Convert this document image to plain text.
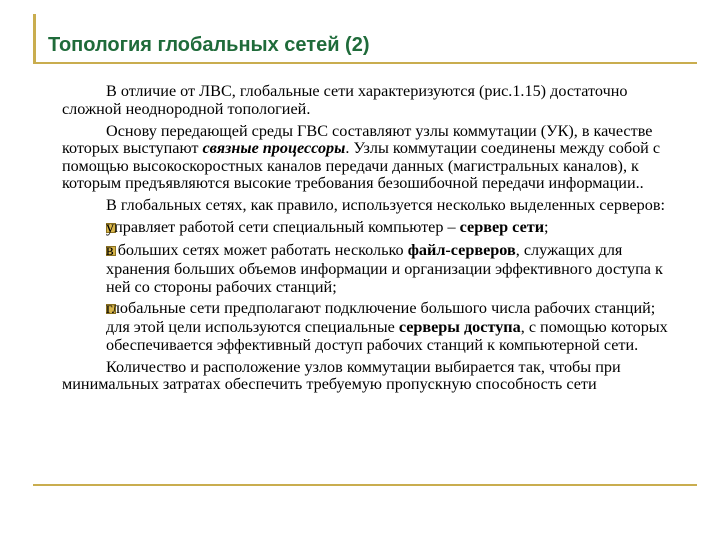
Топология глобальных сетей (2)

В отличие от ЛВС, глобальные сети характеризуются (рис.1.15) достаточно сложной неоднородной топологией.

Основу передающей среды ГВС составляют узлы коммутации (УК), в качестве которых выступают связные процессоры. Узлы коммутации соединены между собой с помощью высокоскоростных каналов передачи данных (магистральных каналов), к которым предъявляются высокие требования безошибочной передачи информации..

В глобальных сетях, как правило, используется несколько выделенных серверов:

управляет работой сети специальный компьютер – сервер сети;

в больших сетях может работать несколько файл-серверов, служащих для хранения больших объемов информации и организации эффективного доступа к ней со стороны рабочих станций;

глобальные сети предполагают подключение большого числа рабочих станций; для этой цели используются специальные серверы доступа, с помощью которых обеспечивается эффективный доступ рабочих станций к компьютерной сети.

Количество и расположение узлов коммутации выбирается так, чтобы при минимальных затратах обеспечить требуемую пропускную способность сети
